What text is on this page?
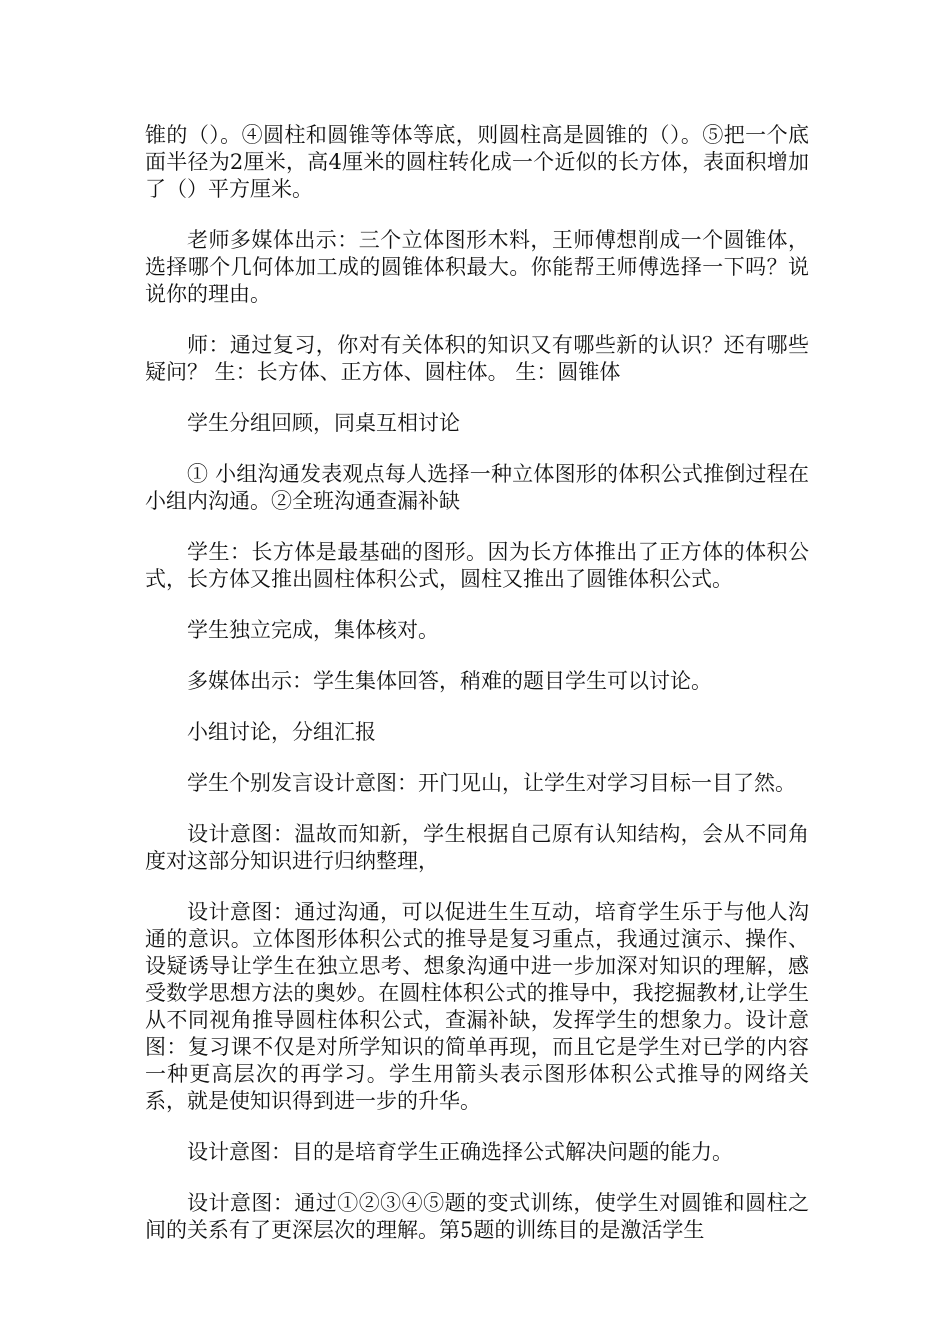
锥的（）。④圆柱和圆锥等体等底，则圆柱高是圆锥的（）。⑤把一个底面半径为2厘米，高4厘米的圆柱转化成一个近似的长方体，表面积增加了（）平方厘米。

老师多媒体出示：三个立体图形木料，王师傅想削成一个圆锥体，选择哪个几何体加工成的圆锥体积最大。你能帮王师傅选择一下吗？说说你的理由。

师：通过复习，你对有关体积的知识又有哪些新的认识？还有哪些疑问？ 生：长方体、正方体、圆柱体。 生：圆锥体

学生分组回顾，同桌互相讨论

① 小组沟通发表观点每人选择一种立体图形的体积公式推倒过程在小组内沟通。②全班沟通查漏补缺

学生：长方体是最基础的图形。因为长方体推出了正方体的体积公式，长方体又推出圆柱体积公式，圆柱又推出了圆锥体积公式。

学生独立完成，集体核对。

多媒体出示：学生集体回答，稍难的题目学生可以讨论。

小组讨论，分组汇报

学生个别发言设计意图：开门见山，让学生对学习目标一目了然。

设计意图：温故而知新，学生根据自己原有认知结构，会从不同角度对这部分知识进行归纳整理，

设计意图：通过沟通，可以促进生生互动，培育学生乐于与他人沟通的意识。立体图形体积公式的推导是复习重点，我通过演示、操作、设疑诱导让学生在独立思考、想象沟通中进一步加深对知识的理解，感受数学思想方法的奥妙。在圆柱体积公式的推导中，我挖掘教材,让学生从不同视角推导圆柱体积公式，查漏补缺，发挥学生的想象力。设计意图：复习课不仅是对所学知识的简单再现，而且它是学生对已学的内容一种更高层次的再学习。学生用箭头表示图形体积公式推导的网络关系，就是使知识得到进一步的升华。

设计意图：目的是培育学生正确选择公式解决问题的能力。

设计意图：通过①②③④⑤题的变式训练，使学生对圆锥和圆柱之间的关系有了更深层次的理解。第5题的训练目的是激活学生
